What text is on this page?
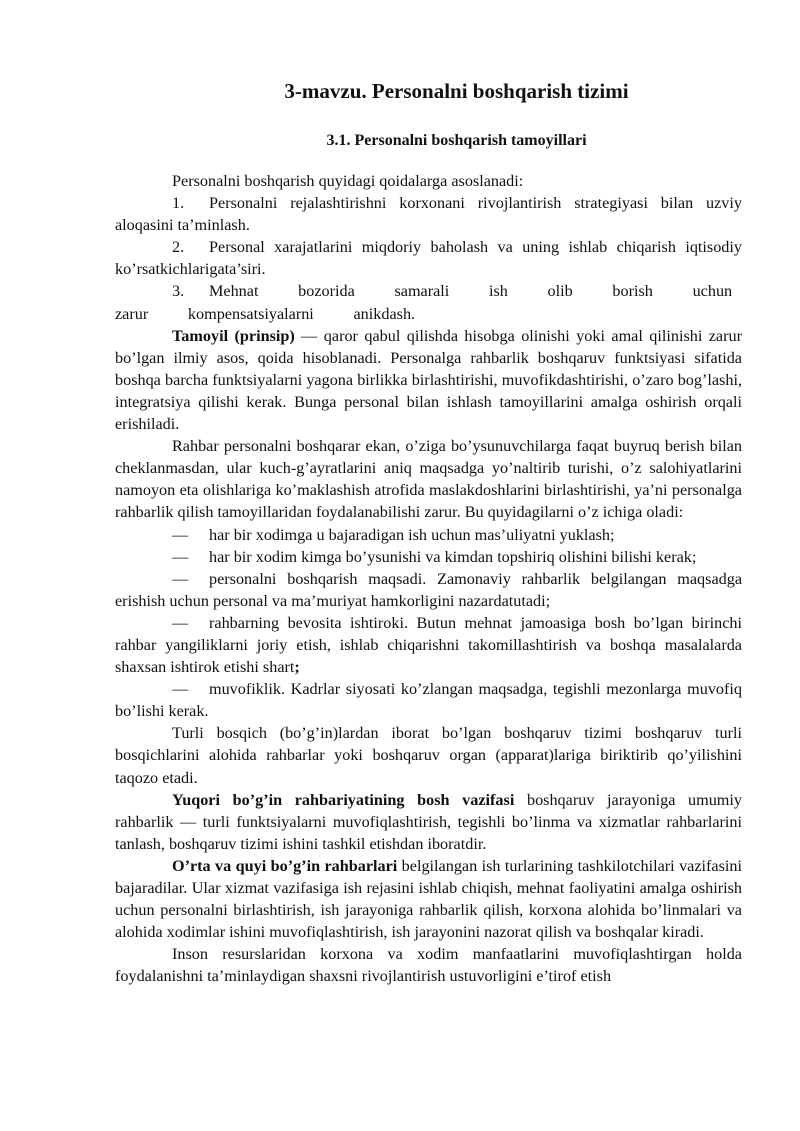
3-mavzu. Personalni boshqarish tizimi
3.1. Personalni boshqarish tamoyillari

Personalni boshqarish quyidagi qoidalarga asoslanadi:

1. Personalni rejalashtirishni korxonani rivojlantirish strategiyasi bilan uzviy aloqasini ta’minlash.
2. Personal xarajatlarini miqdoriy baholash va uning ishlab chiqarish iqtisodiy ko’rsatkichlarigata’siri.
3. Mehnat bozorida samarali ish olib borish uchun zarur kompensatsiyalarni anikdash.

Tamoyil (prinsip) — qaror qabul qilishda hisobga olinishi yoki amal qilinishi zarur bo’lgan ilmiy asos, qoida hisoblanadi. Personalga rahbarlik boshqaruv funktsiyasi sifatida boshqa barcha funktsiyalarni yagona birlikka birlashtirishi, muvofikdashtirishi, o’zaro bog’lashi, integratsiya qilishi kerak. Bunga personal bilan ishlash tamoyillarini amalga oshirish orqali erishiladi.

Rahbar personalni boshqarar ekan, o’ziga bo’ysunuvchilarga faqat buyruq berish bilan cheklanmasdan, ular kuch-g’ayratlarini aniq maqsadga yo’naltirib turishi, o’z salohiyatlarini namoyon eta olishlariga ko’maklashish atrofida maslakdoshlarini birlashtirishi, ya’ni personalga rahbarlik qilish tamoyillaridan foydalanabilishi zarur. Bu quyidagilarni o’z ichiga oladi:

— har bir xodimga u bajaradigan ish uchun mas’uliyatni yuklash;
— har bir xodim kimga bo’ysunishi va kimdan topshiriq olishini bilishi kerak;
— personalni boshqarish maqsadi. Zamonaviy rahbarlik belgilangan maqsadga erishish uchun personal va ma’muriyat hamkorligini nazardatutadi;
— rahbarning bevosita ishtiroki. Butun mehnat jamoasiga bosh bo’lgan birinchi rahbar yangiliklarni joriy etish, ishlab chiqarishni takomillashtirish va boshqa masalalarda shaxsan ishtirok etishi shart;
— muvofiklik. Kadrlar siyosati ko’zlangan maqsadga, tegishli mezonlarga muvofiq bo’lishi kerak.

Turli bosqich (bo’g’in)lardan iborat bo’lgan boshqaruv tizimi boshqaruv turli bosqichlarini alohida rahbarlar yoki boshqaruv organ (apparat)lariga biriktirib qo’yilishini taqozo etadi.

Yuqori bo’g’in rahbariyatining bosh vazifasi boshqaruv jarayoniga umumiy rahbarlik — turli funktsiyalarni muvofiqlashtirish, tegishli bo’linma va xizmatlar rahbarlarini tanlash, boshqaruv tizimi ishini tashkil etishdan iboratdir.

O’rta va quyi bo’g’in rahbarlari belgilangan ish turlarining tashkilotchilari vazifasini bajaradilar. Ular xizmat vazifasiga ish rejasini ishlab chiqish, mehnat faoliyatini amalga oshirish uchun personalni birlashtirish, ish jarayoniga rahbarlik qilish, korxona alohida bo’linmalari va alohida xodimlar ishini muvofiqlashtirish, ish jarayonini nazorat qilish va boshqalar kiradi.

Inson resurslaridan korxona va xodim manfaatlarini muvofiqlashtirgan holda foydalanishni ta’minlaydigan shaxsni rivojlantirish ustuvorligini e’tirof etish
